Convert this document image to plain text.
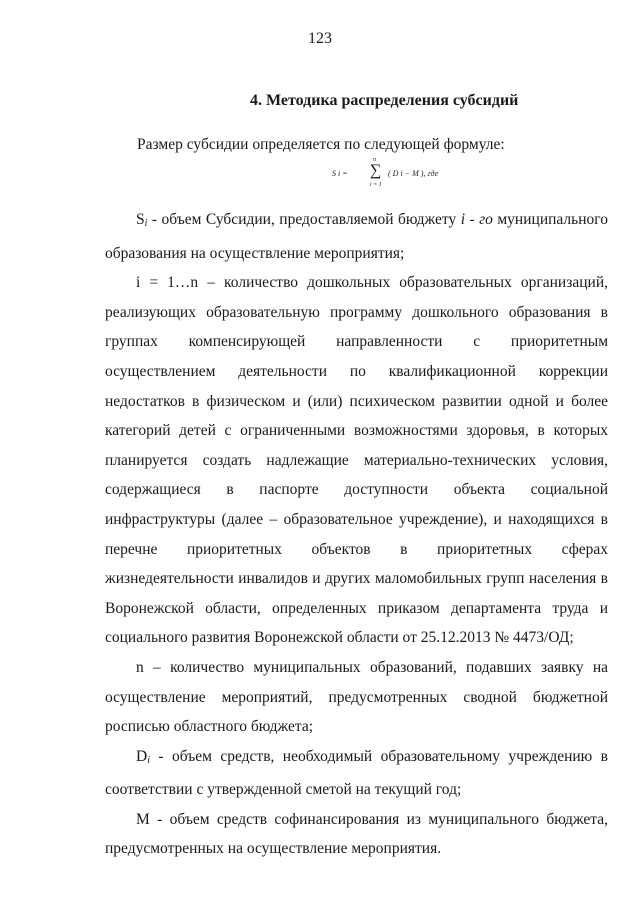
123
4. Методика распределения субсидий
Размер субсидии определяется по следующей формуле:
S i =
n
∑
i = 1
( D i − M ), где

$S_i$ - объем Субсидии, предоставляемой бюджету i - го муниципального образования на осуществление мероприятия;

i = 1…n – количество дошкольных образовательных организаций, реализующих образовательную программу дошкольного образования в группах компенсирующей направленности с приоритетным осуществлением деятельности по квалификационной коррекции недостатков в физическом и (или) психическом развитии одной и более категорий детей с ограниченными возможностями здоровья, в которых планируется создать надлежащие материально-технических условия, содержащиеся в паспорте доступности объекта социальной инфраструктуры (далее – образовательное учреждение), и находящихся в перечне приоритетных объектов в приоритетных сферах жизнедеятельности инвалидов и других маломобильных групп населения в Воронежской области, определенных приказом департамента труда и социального развития Воронежской области от 25.12.2013 № 4473/ОД;

n – количество муниципальных образований, подавших заявку на осуществление мероприятий, предусмотренных сводной бюджетной росписью областного бюджета;

$D_i$ - объем средств, необходимый образовательному учреждению в соответствии с утвержденной сметой на текущий год;

M - объем средств софинансирования из муниципального бюджета, предусмотренных на осуществление мероприятия.
